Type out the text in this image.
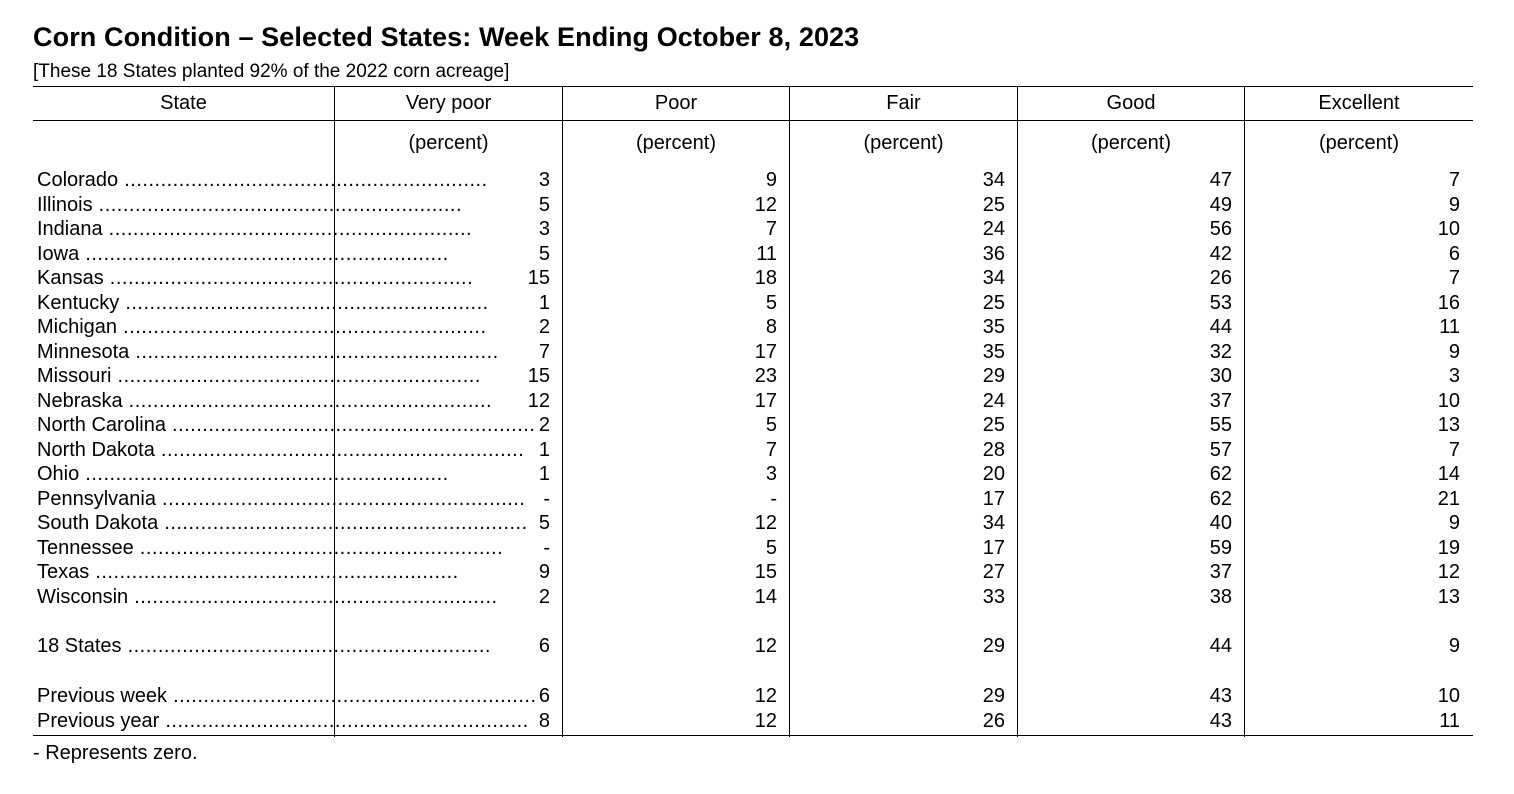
Corn Condition – Selected States: Week Ending October 8, 2023
[These 18 States planted 92% of the 2022 corn acreage]
State	Very poor	Poor	Fair	Good	Excellent
(percent)	(percent)	(percent)	(percent)	(percent)
Colorado ............................................................	3	9	34	47	7
Illinois ............................................................	5	12	25	49	9
Indiana ............................................................	3	7	24	56	10
Iowa ............................................................	5	11	36	42	6
Kansas ............................................................	15	18	34	26	7
Kentucky ............................................................	1	5	25	53	16
Michigan ............................................................	2	8	35	44	11
Minnesota ............................................................	7	17	35	32	9
Missouri ............................................................	15	23	29	30	3
Nebraska ............................................................	12	17	24	37	10
North Carolina ............................................................ 2	5	25	55	13
North Dakota ............................................................ 1	7	28	57	7
Ohio ............................................................	1	3	20	62	14
Pennsylvania ............................................................ -	-	17	62	21
South Dakota ............................................................ 5	12	34	40	9
Tennessee ............................................................	-	5	17	59	19
Texas ............................................................	9	15	27	37	12
Wisconsin ............................................................	2	14	33	38	13
18 States ............................................................	6	12	29	44	9
Previous week ............................................................ 6	12	29	43	10
Previous year ............................................................ 8	12	26	43	11
- Represents zero.
